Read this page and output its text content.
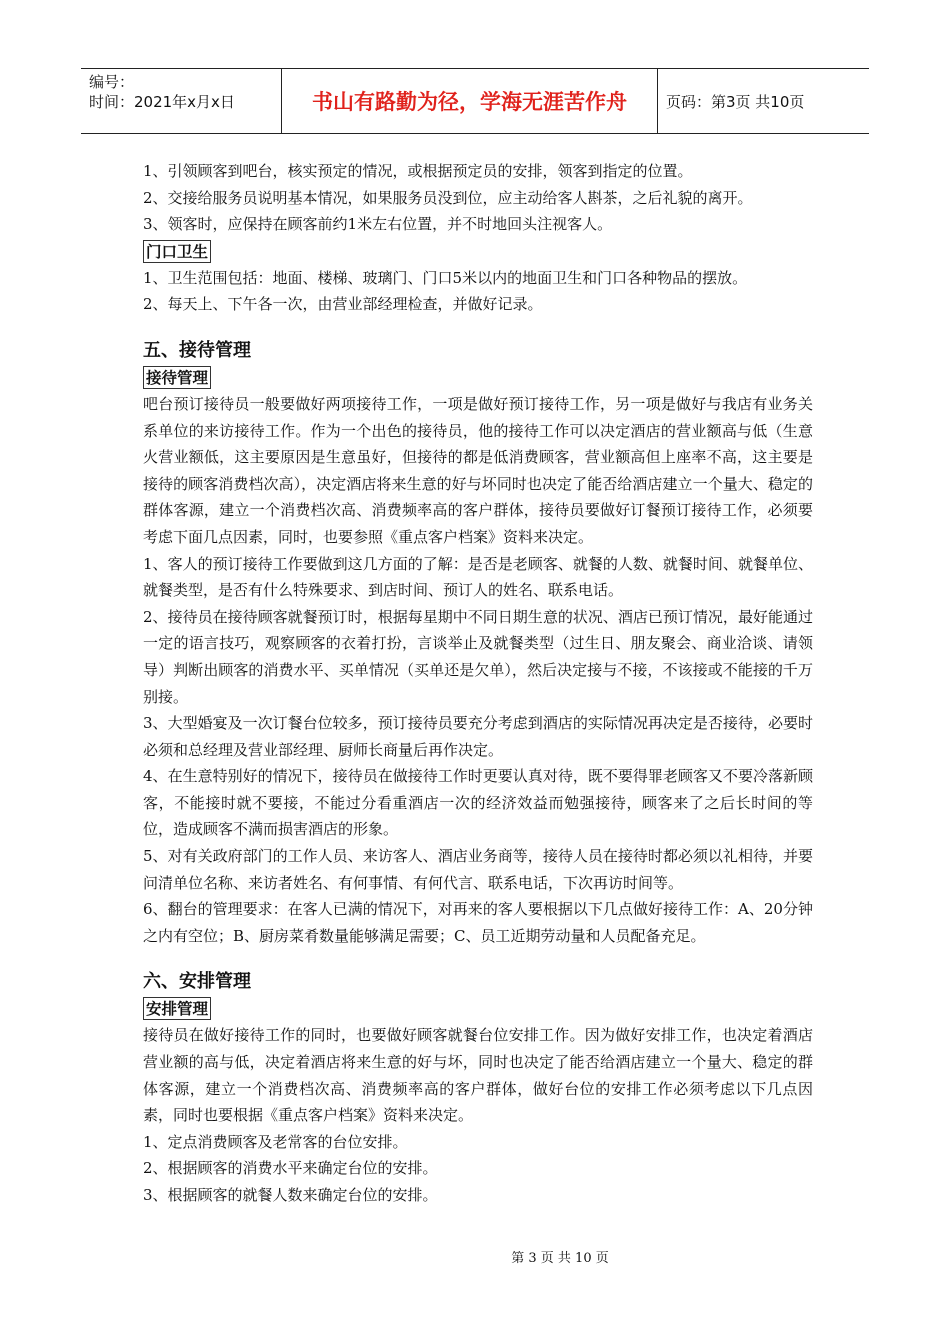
编号：
时间：2021年x月x日	书山有路勤为径，学海无涯苦作舟	页码：第3页 共10页

1、引领顾客到吧台，核实预定的情况，或根据预定员的安排，领客到指定的位置。

2、交接给服务员说明基本情况，如果服务员没到位，应主动给客人斟茶，之后礼貌的离开。

3、领客时，应保持在顾客前约1米左右位置，并不时地回头注视客人。

门口卫生

1、卫生范围包括：地面、楼梯、玻璃门、门口5米以内的地面卫生和门口各种物品的摆放。

2、每天上、下午各一次，由营业部经理检查，并做好记录。

五、接待管理
接待管理

吧台预订接待员一般要做好两项接待工作，一项是做好预订接待工作，另一项是做好与我店有业务关系单位的来访接待工作。作为一个出色的接待员，他的接待工作可以决定酒店的营业额高与低（生意火营业额低，这主要原因是生意虽好，但接待的都是低消费顾客，营业额高但上座率不高，这主要是接待的顾客消费档次高），决定酒店将来生意的好与坏同时也决定了能否给酒店建立一个量大、稳定的群体客源，建立一个消费档次高、消费频率高的客户群体，接待员要做好订餐预订接待工作，必须要考虑下面几点因素，同时，也要参照《重点客户档案》资料来决定。

1、客人的预订接待工作要做到这几方面的了解：是否是老顾客、就餐的人数、就餐时间、就餐单位、就餐类型，是否有什么特殊要求、到店时间、预订人的姓名、联系电话。

2、接待员在接待顾客就餐预订时，根据每星期中不同日期生意的状况、酒店已预订情况，最好能通过一定的语言技巧，观察顾客的衣着打扮，言谈举止及就餐类型（过生日、朋友聚会、商业洽谈、请领导）判断出顾客的消费水平、买单情况（买单还是欠单），然后决定接与不接，不该接或不能接的千万别接。

3、大型婚宴及一次订餐台位较多，预订接待员要充分考虑到酒店的实际情况再决定是否接待，必要时必须和总经理及营业部经理、厨师长商量后再作决定。

4、在生意特别好的情况下，接待员在做接待工作时更要认真对待，既不要得罪老顾客又不要冷落新顾客，不能接时就不要接，不能过分看重酒店一次的经济效益而勉强接待，顾客来了之后长时间的等位，造成顾客不满而损害酒店的形象。

5、对有关政府部门的工作人员、来访客人、酒店业务商等，接待人员在接待时都必须以礼相待，并要问清单位名称、来访者姓名、有何事情、有何代言、联系电话，下次再访时间等。

6、翻台的管理要求：在客人已满的情况下，对再来的客人要根据以下几点做好接待工作：A、20分钟之内有空位；B、厨房菜肴数量能够满足需要；C、员工近期劳动量和人员配备充足。

六、安排管理
安排管理

接待员在做好接待工作的同时，也要做好顾客就餐台位安排工作。因为做好安排工作，也决定着酒店营业额的高与低，决定着酒店将来生意的好与坏，同时也决定了能否给酒店建立一个量大、稳定的群体客源，建立一个消费档次高、消费频率高的客户群体，做好台位的安排工作必须考虑以下几点因素，同时也要根据《重点客户档案》资料来决定。

1、定点消费顾客及老常客的台位安排。

2、根据顾客的消费水平来确定台位的安排。

3、根据顾客的就餐人数来确定台位的安排。

第 3 页 共 10 页
